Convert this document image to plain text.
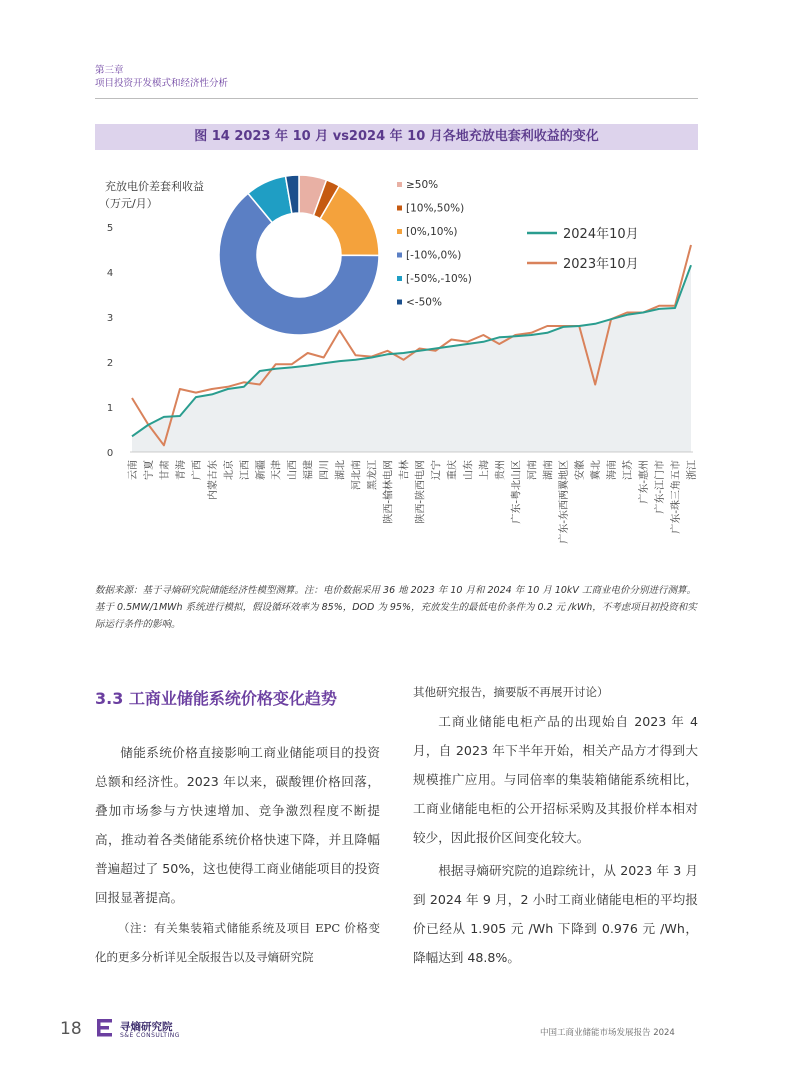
第三章
项目投资开发模式和经济性分析
图 14 2023 年 10 月 vs2024 年 10 月各地充放电套利收益的变化
充放电价差套利收益
（万元/月）
0
1
2
3
4
5
云南 宁夏 甘肃 青海 广西 内蒙古东 北京 江西 新疆 天津 山西 福建 四川 湖北 河北南 黑龙江 陕西-榆林电网 吉林 陕西-陕西电网 辽宁 重庆 山东 上海 贵州 广东-粤北山区 河南 湖南 广东-东西两翼地区 安徽 冀北 海南 江苏 广东-惠州 广东-江门市 广东-珠三角五市 浙江
≥50%
[10%,50%)
[0%,10%)
[-10%,0%)
[-50%,-10%)
<-50%
2024年10月
2023年10月
数据来源：基于寻熵研究院储能经济性模型测算。注：电价数据采用 36 地 2023 年 10 月和 2024 年 10 月 10kV 工商业电价分别进行测算。基于 0.5MW/1MWh 系统进行模拟，假设循环效率为 85%，DOD 为 95%，充放发生的最低电价条件为 0.2 元 /kWh，不考虑项目初投资和实际运行条件的影响。
3.3 工商业储能系统价格变化趋势

储能系统价格直接影响工商业储能项目的投资总额和经济性。2023 年以来，碳酸锂价格回落，叠加市场参与方快速增加、竞争激烈程度不断提高，推动着各类储能系统价格快速下降，并且降幅普遍超过了 50%，这也使得工商业储能项目的投资回报显著提高。

（注：有关集装箱式储能系统及项目 EPC 价格变化的更多分析详见全版报告以及寻熵研究院

其他研究报告，摘要版不再展开讨论）

工商业储能电柜产品的出现始自 2023 年 4 月，自 2023 年下半年开始，相关产品方才得到大规模推广应用。与同倍率的集装箱储能系统相比，工商业储能电柜的公开招标采购及其报价样本相对较少，因此报价区间变化较大。

根据寻熵研究院的追踪统计，从 2023 年 3 月到 2024 年 9 月，2 小时工商业储能电柜的平均报价已经从 1.905 元 /Wh 下降到 0.976 元 /Wh，降幅达到 48.8%。

18	寻熵研究院
S&E CONSULTING	中国工商业储能市场发展报告 2024
